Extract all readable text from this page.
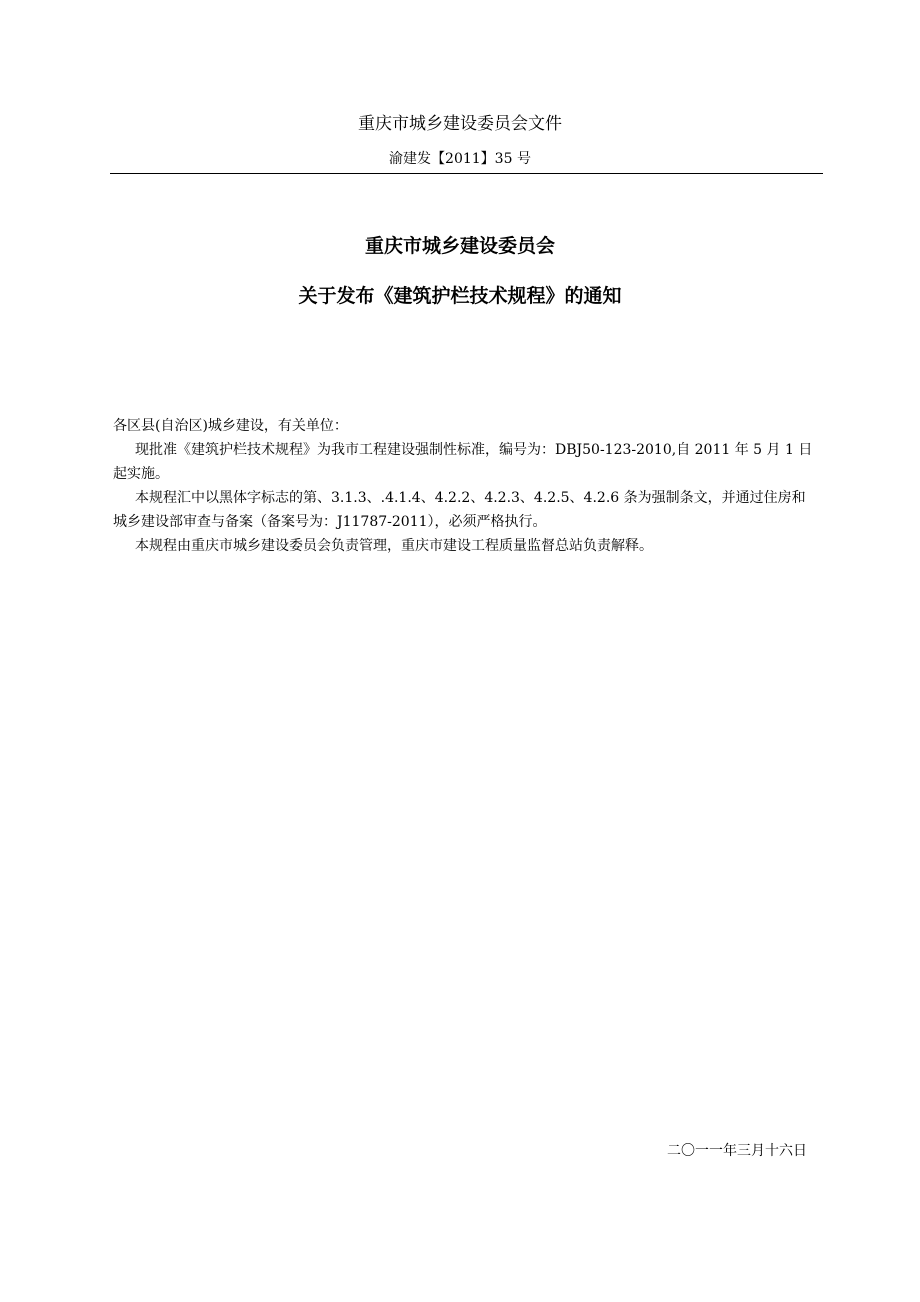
重庆市城乡建设委员会文件
渝建发【2011】35 号
重庆市城乡建设委员会
关于发布《建筑护栏技术规程》的通知

各区县(自治区)城乡建设，有关单位：

现批准《建筑护栏技术规程》为我市工程建设强制性标准，编号为：DBJ50-123-2010,自 2011 年 5 月 1 日起实施。

本规程汇中以黑体字标志的第、3.1.3、.4.1.4、4.2.2、4.2.3、4.2.5、4.2.6 条为强制条文，并通过住房和城乡建设部审查与备案（备案号为：J11787-2011），必须严格执行。

本规程由重庆市城乡建设委员会负责管理，重庆市建设工程质量监督总站负责解释。

二〇一一年三月十六日
